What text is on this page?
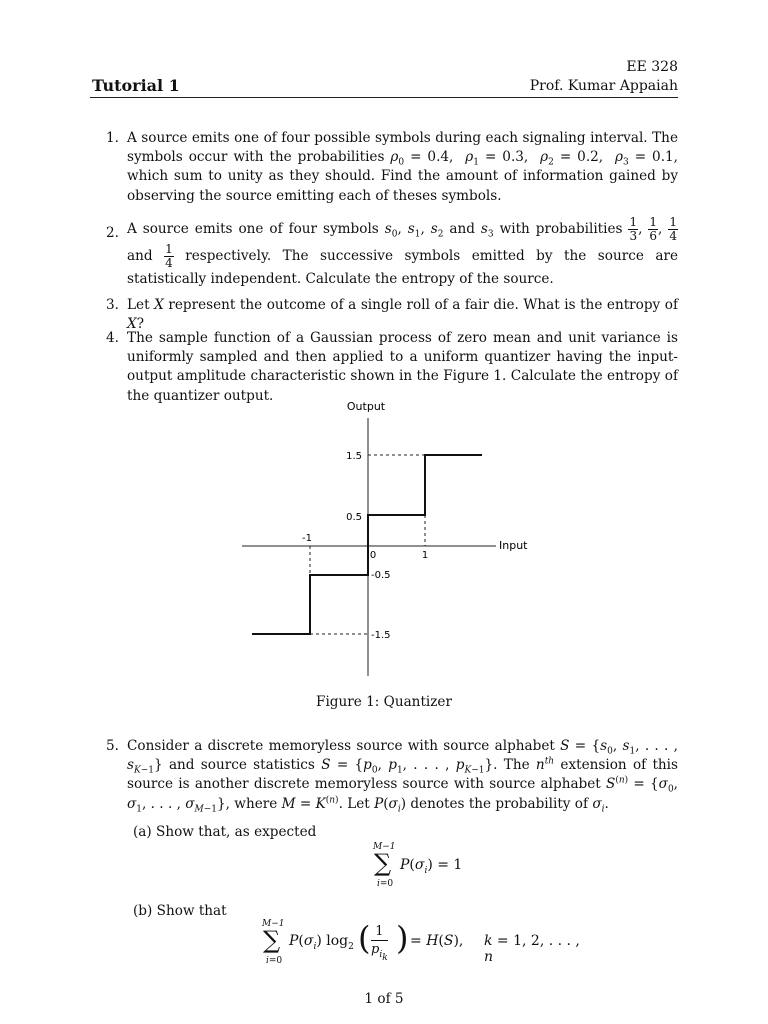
EE 328
Prof. Kumar Appaiah
Tutorial 1
1. A source emits one of four possible symbols during each signaling interval. The symbols occur with the probabilities $\rho_0 = 0.4$,  $\rho_1 = 0.3$,  $\rho_2 = 0.2$,  $\rho_3 = 0.1$, which sum to unity as they should. Find the amount of information gained by observing the source emitting each of theses symbols.
2. A source emits one of four symbols $s_0$, $s_1$, $s_2$ and $s_3$ with probabilities $\frac{1}{3}$ , $\frac{1}{6}$ , $\frac{1}{4}$
and $\frac{1}{4}$ respectively. The successive symbols emitted by the source are statistically independent. Calculate the entropy of the source.
3. Let X represent the outcome of a single roll of a fair die. What is the entropy of X?
4. The sample function of a Gaussian process of zero mean and unit variance is uniformly sampled and then applied to a uniform quantizer having the input-output amplitude characteristic shown in the Figure 1. Calculate the entropy of the quantizer output.
Output
Input
-1
0	1
1.5
0.5
-0.5
-1.5
Figure 1: Quantizer
5. Consider a discrete memoryless source with source alphabet $S = \{s_0$, $s_1$, . . . , $s_{K-1}$} and source statistics $S = \{p_0$, $p_1$, . . . , $p_{K-1}$}. The $n^{th}$ extension of this source is another discrete memoryless source with source alphabet $S^{(n)} = \{\sigma_0$, $\sigma_1$, . . . , $\sigma_{M-1}$}, where $M = K^{(n)}$. Let $P(\sigma_i)$ denotes the probability of $\sigma_i$.
(a) Show that, as expected
M−1
∑
i=0
$P(\sigma_i) = 1$
(b) Show that
M−1
∑
i=0
$P(\sigma_i)$ $\log_2$ ( 1
$p_{i_k}$
) = H(S), k = 1, 2, . . . , n
1 of 5
